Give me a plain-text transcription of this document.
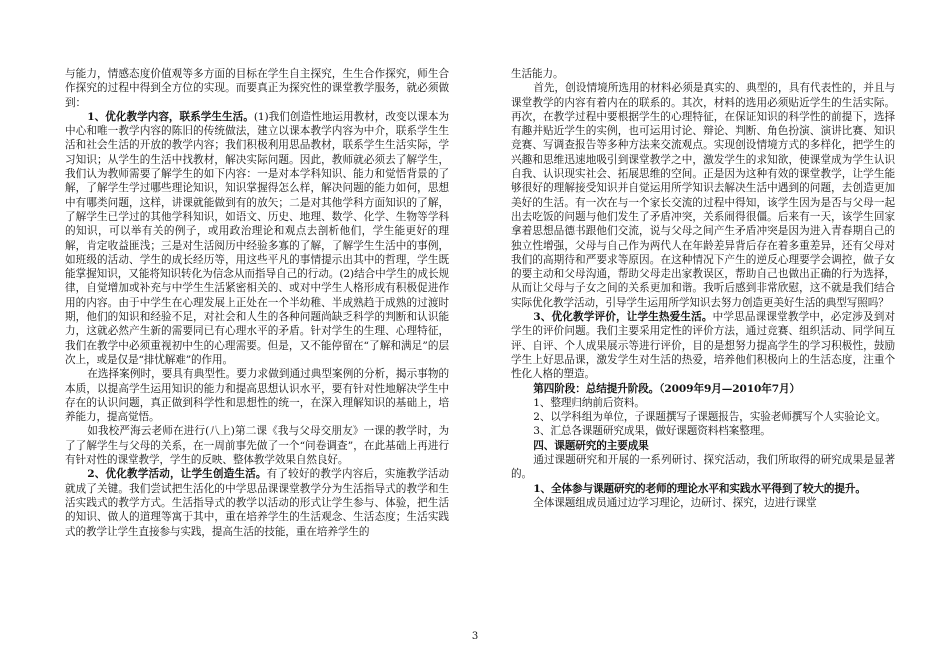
与能力，情感态度价值观等多方面的目标在学生自主探究，生生合作探究，师生合作探究的过程中得到全方位的实现。而要真正为探究性的课堂教学服务，就必须做到：

1、优化教学内容，联系学生生活。(1)我们创造性地运用教材，改变以课本为中心和唯一教学内容的陈旧的传统做法，建立以课本教学内容为中介，联系学生生活和社会生活的开放的教学内容；我们积极利用思品教材，联系学生生活实际，学习知识；从学生的生活中找教材，解决实际问题。因此，教师就必须去了解学生，我们认为教师需要了解学生的如下内容：一是对本学科知识、能力和觉悟背景的了解，了解学生学过哪些理论知识，知识掌握得怎么样，解决问题的能力如何，思想中有哪类问题，这样，讲课就能做到有的放矢；二是对其他学科方面知识的了解，了解学生已学过的其他学科知识，如语文、历史、地理、数学、化学、生物等学科的知识，可以举有关的例子，或用政治理论和观点去剖析他们，学生能更好的理解，肯定收益匪浅；三是对生活阅历中经验多寡的了解，了解学生生活中的事例，如班级的活动、学生的成长经历等，用这些平凡的事情提示出其中的哲理，学生既能掌握知识，又能将知识转化为信念从而指导自己的行动。(2)结合中学生的成长规律，自觉增加或补充与中学生生活紧密相关的、或对中学生人格形成有积极促进作用的内容。由于中学生在心理发展上正处在一个半幼稚、半成熟趋于成熟的过渡时期，他们的知识和经验不足，对社会和人生的各种问题尚缺乏科学的判断和认识能力，这就必然产生新的需要同已有心理水平的矛盾。针对学生的生理、心理特征，我们在教学中必须重视初中生的心理需要。但是，又不能停留在“了解和满足”的层次上，或是仅是“排忧解难”的作用。

在选择案例时，要具有典型性。要力求做到通过典型案例的分析，揭示事物的本质，以提高学生运用知识的能力和提高思想认识水平，要有针对性地解决学生中存在的认识问题，真正做到科学性和思想性的统一，在深入理解知识的基础上，培养能力，提高觉悟。

如我校严海云老师在进行(八上)第二课《我与父母交朋友》一课的教学时，为了了解学生与父母的关系，在一周前事先做了一个“问卷调查”，在此基础上再进行有针对性的课堂教学，学生的反映、整体教学效果自然良好。

2、优化教学活动，让学生创造生活。有了较好的教学内容后，实施教学活动就成了关键。我们尝试把生活化的中学思品课课堂教学分为生活指导式的教学和生活实践式的教学方式。生活指导式的教学以活动的形式让学生参与、体验，把生活的知识、做人的道理等寓于其中，重在培养学生的生活观念、生活态度；生活实践式的教学让学生直接参与实践，提高生活的技能，重在培养学生的

生活能力。

首先，创设情境所选用的材料必须是真实的、典型的，具有代表性的，并且与课堂教学的内容有着内在的联系的。其次，材料的选用必须贴近学生的生活实际。再次，在教学过程中要根据学生的心理特征，在保证知识的科学性的前提下，选择有趣并贴近学生的实例，也可运用讨论、辩论、判断、角色扮演、演讲比赛、知识竞赛、写调查报告等多种方法来交流观点。实现创设情境方式的多样化，把学生的兴趣和思维迅速地吸引到课堂教学之中，激发学生的求知欲，使课堂成为学生认识自我、认识现实社会、拓展思维的空间。正是因为这种有效的课堂教学，让学生能够很好的理解接受知识并自觉运用所学知识去解决生活中遇到的问题，去创造更加美好的生活。有一次在与一个家长交流的过程中得知，该学生因为是否与父母一起出去吃饭的问题与他们发生了矛盾冲突，关系闹得很僵。后来有一天，该学生回家拿着思想品德书跟他们交流，说与父母之间产生矛盾冲突是因为进入青春期自己的独立性增强，父母与自己作为两代人在年龄差异背后存在着多重差异，还有父母对我们的高期待和严要求等原因。在这种情况下产生的逆反心理要学会调控，做子女的要主动和父母沟通，帮助父母走出家教误区，帮助自己也做出正确的行为选择，从而让父母与子女之间的关系更加和谐。我听后感到非常欣慰，这不就是我们结合实际优化教学活动，引导学生运用所学知识去努力创造更美好生活的典型写照吗？

3、优化教学评价，让学生热爱生活。中学思品课课堂教学中，必定涉及到对学生的评价问题。我们主要采用定性的评价方法，通过竞赛、组织活动、同学间互评、自评、个人成果展示等进行评价，目的是想努力提高学生的学习积极性，鼓励学生上好思品课，激发学生对生活的热爱，培养他们积极向上的生活态度，注重个性化人格的塑造。

第四阶段：总结提升阶段。（2009年9月—2010年7月）

1、整理归纳前后资料。

2、以学科组为单位，子课题撰写子课题报告，实验老师撰写个人实验论文。

3、汇总各课题研究成果，做好课题资料档案整理。

四、课题研究的主要成果

通过课题研究和开展的一系列研讨、探究活动，我们所取得的研究成果是显著的。

1、全体参与课题研究的老师的理论水平和实践水平得到了较大的提升。

全体课题组成员通过边学习理论，边研讨、探究，边进行课堂

3
